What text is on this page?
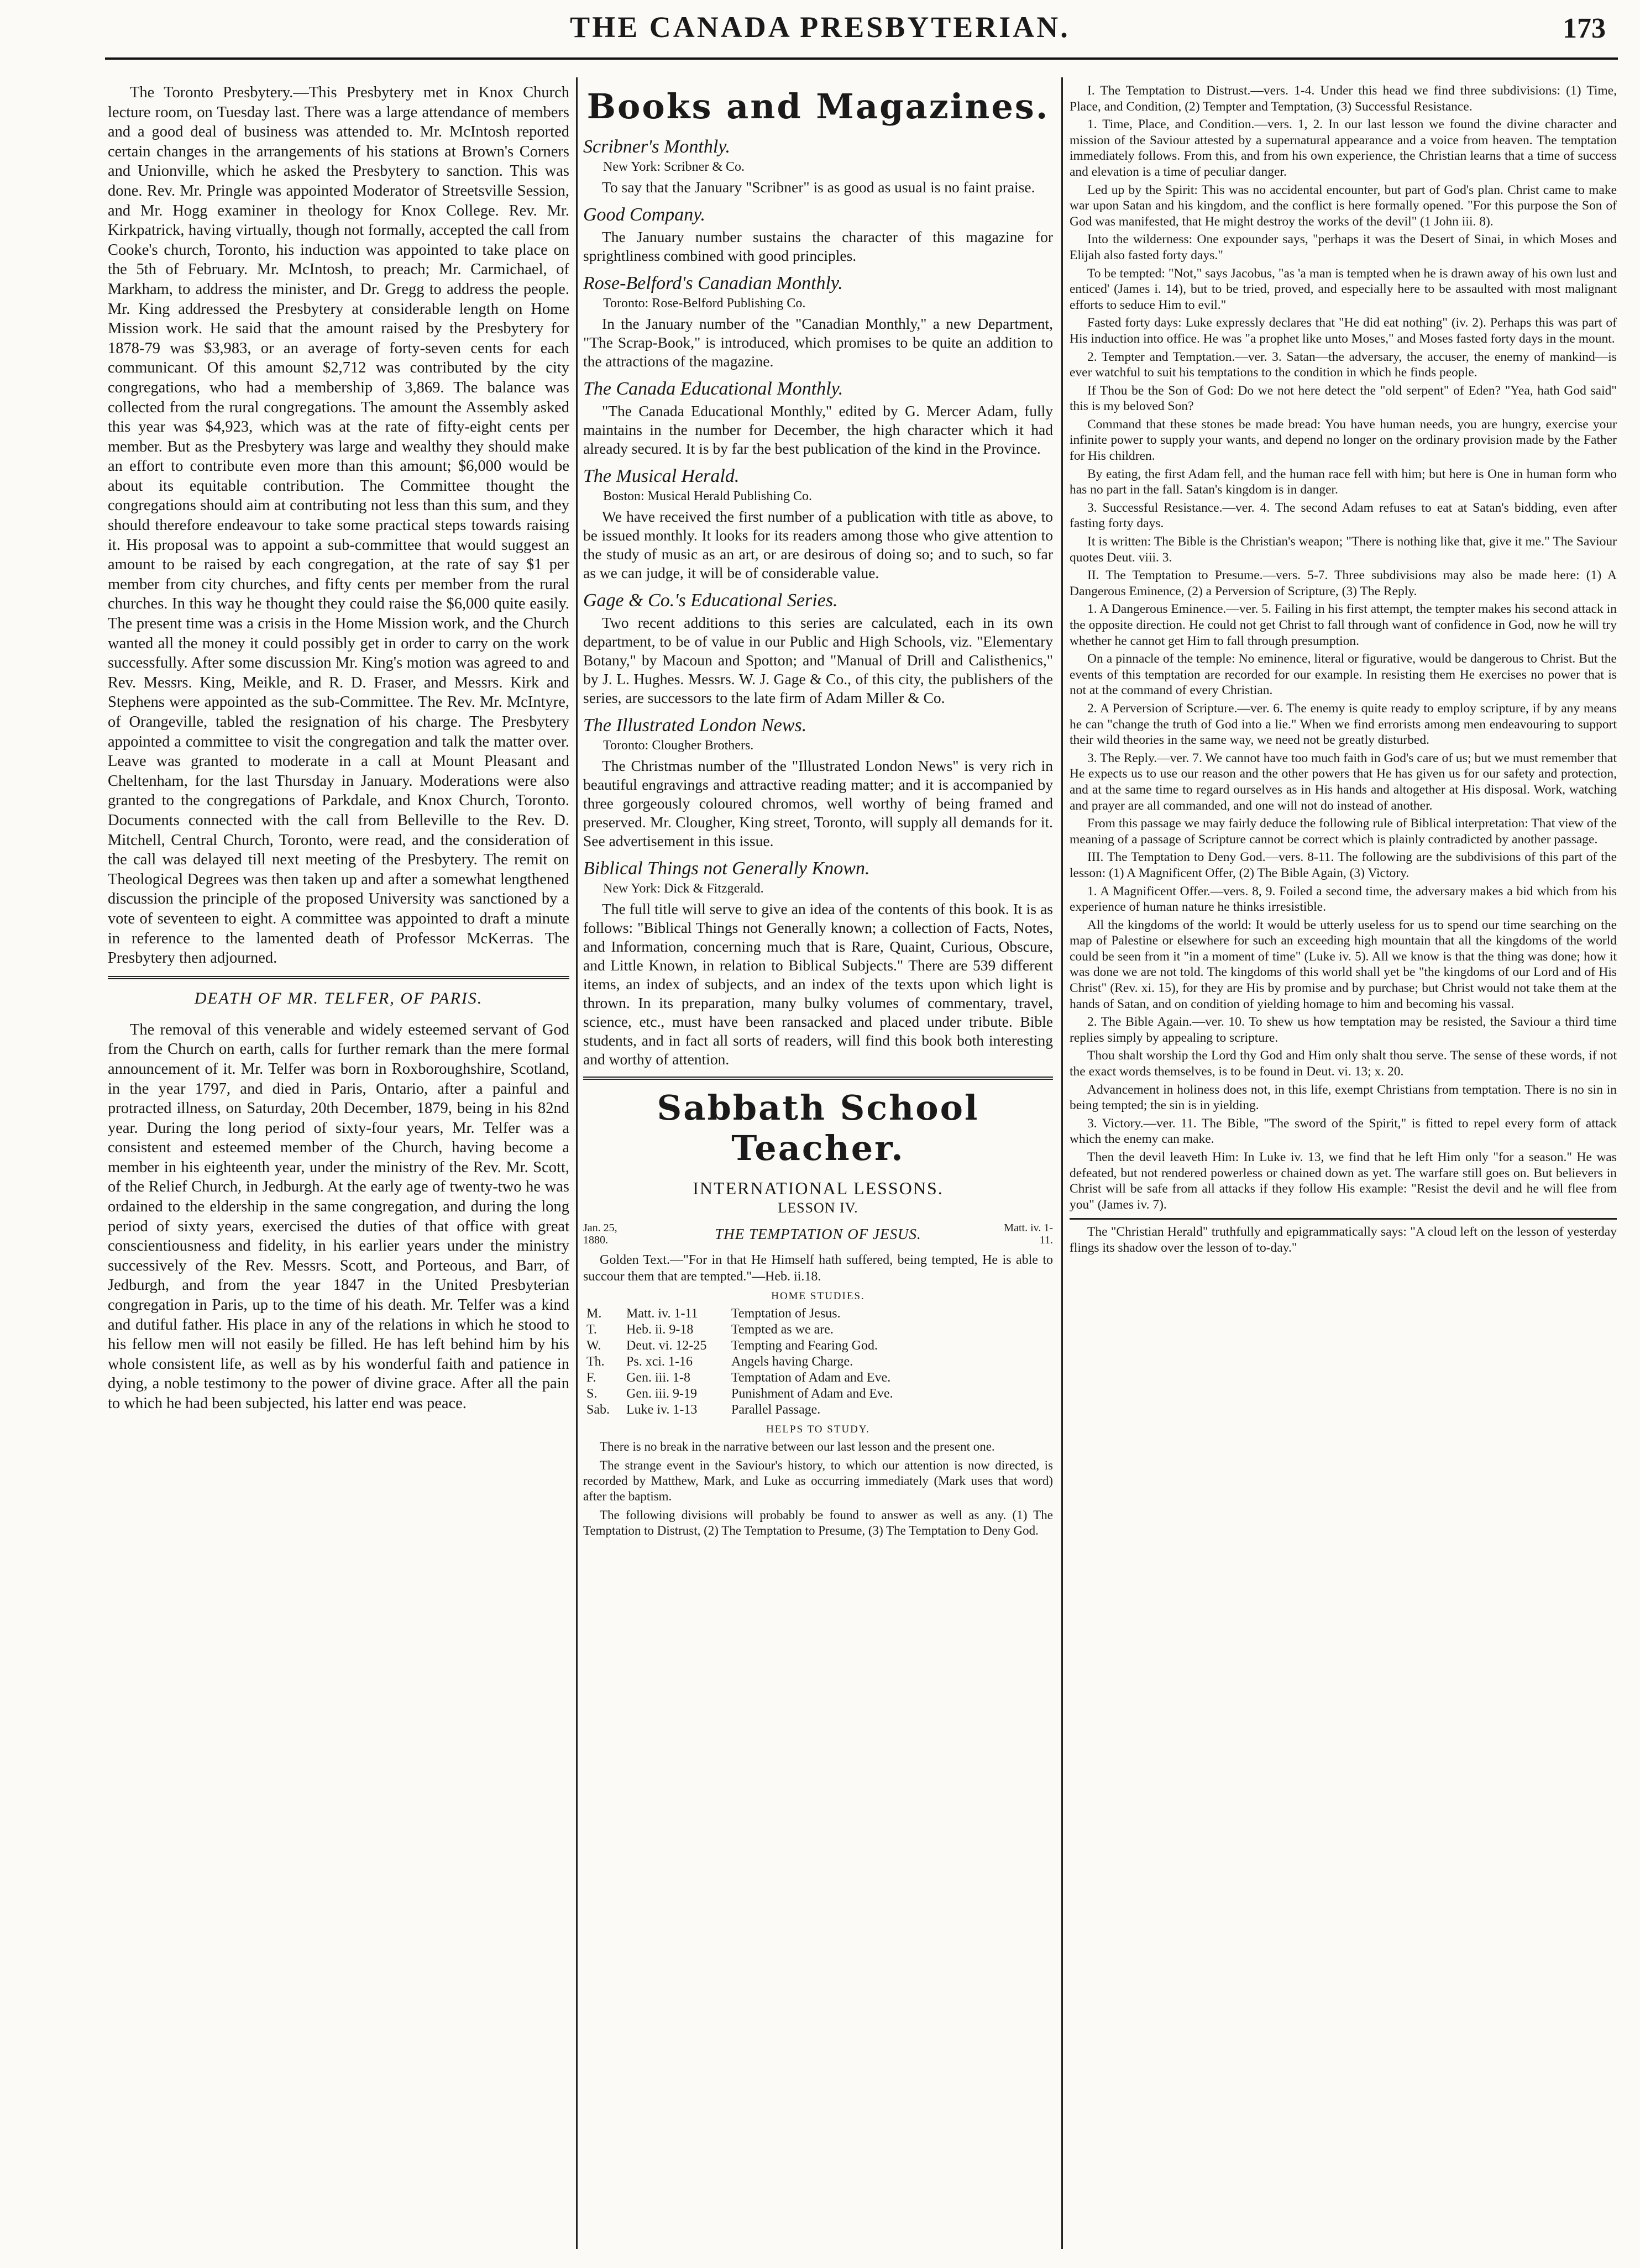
THE CANADA PRESBYTERIAN.	173

The Toronto Presbytery.—This Presbytery met in Knox Church lecture room, on Tuesday last. There was a large attendance of members and a good deal of business was attended to. Mr. McIntosh reported certain changes in the arrangements of his stations at Brown's Corners and Unionville, which he asked the Presbytery to sanction. This was done. Rev. Mr. Pringle was appointed Moderator of Streetsville Session, and Mr. Hogg examiner in theology for Knox College. Rev. Mr. Kirkpatrick, having virtually, though not formally, accepted the call from Cooke's church, Toronto, his induction was appointed to take place on the 5th of February. Mr. McIntosh, to preach; Mr. Carmichael, of Markham, to address the minister, and Dr. Gregg to address the people. Mr. King addressed the Presbytery at considerable length on Home Mission work. He said that the amount raised by the Presbytery for 1878-79 was $3,983, or an average of forty-seven cents for each communicant. Of this amount $2,712 was contributed by the city congregations, who had a membership of 3,869. The balance was collected from the rural congregations. The amount the Assembly asked this year was $4,923, which was at the rate of fifty-eight cents per member. But as the Presbytery was large and wealthy they should make an effort to contribute even more than this amount; $6,000 would be about its equitable contribution. The Committee thought the congregations should aim at contributing not less than this sum, and they should therefore endeavour to take some practical steps towards raising it. His proposal was to appoint a sub-committee that would suggest an amount to be raised by each congregation, at the rate of say $1 per member from city churches, and fifty cents per member from the rural churches. In this way he thought they could raise the $6,000 quite easily. The present time was a crisis in the Home Mission work, and the Church wanted all the money it could possibly get in order to carry on the work successfully. After some discussion Mr. King's motion was agreed to and Rev. Messrs. King, Meikle, and R. D. Fraser, and Messrs. Kirk and Stephens were appointed as the sub-Committee. The Rev. Mr. McIntyre, of Orangeville, tabled the resignation of his charge. The Presbytery appointed a committee to visit the congregation and talk the matter over. Leave was granted to moderate in a call at Mount Pleasant and Cheltenham, for the last Thursday in January. Moderations were also granted to the congregations of Parkdale, and Knox Church, Toronto. Documents connected with the call from Belleville to the Rev. D. Mitchell, Central Church, Toronto, were read, and the consideration of the call was delayed till next meeting of the Presbytery. The remit on Theological Degrees was then taken up and after a somewhat lengthened discussion the principle of the proposed University was sanctioned by a vote of seventeen to eight. A committee was appointed to draft a minute in reference to the lamented death of Professor McKerras. The Presbytery then adjourned.

DEATH OF MR. TELFER, OF PARIS.

The removal of this venerable and widely esteemed servant of God from the Church on earth, calls for further remark than the mere formal announcement of it. Mr. Telfer was born in Roxboroughshire, Scotland, in the year 1797, and died in Paris, Ontario, after a painful and protracted illness, on Saturday, 20th December, 1879, being in his 82nd year. During the long period of sixty-four years, Mr. Telfer was a consistent and esteemed member of the Church, having become a member in his eighteenth year, under the ministry of the Rev. Mr. Scott, of the Relief Church, in Jedburgh. At the early age of twenty-two he was ordained to the eldership in the same congregation, and during the long period of sixty years, exercised the duties of that office with great conscientiousness and fidelity, in his earlier years under the ministry successively of the Rev. Messrs. Scott, and Porteous, and Barr, of Jedburgh, and from the year 1847 in the United Presbyterian congregation in Paris, up to the time of his death. Mr. Telfer was a kind and dutiful father. His place in any of the relations in which he stood to his fellow men will not easily be filled. He has left behind him by his whole consistent life, as well as by his wonderful faith and patience in dying, a noble testimony to the power of divine grace. After all the pain to which he had been subjected, his latter end was peace.

Books and Magazines.
Scribner's Monthly.
New York: Scribner & Co.

To say that the January "Scribner" is as good as usual is no faint praise.

Good Company.

The January number sustains the character of this magazine for sprightliness combined with good principles.

Rose-Belford's Canadian Monthly.
Toronto: Rose-Belford Publishing Co.

In the January number of the "Canadian Monthly," a new Department, "The Scrap-Book," is introduced, which promises to be quite an addition to the attractions of the magazine.

The Canada Educational Monthly.

"The Canada Educational Monthly," edited by G. Mercer Adam, fully maintains in the number for December, the high character which it had already secured. It is by far the best publication of the kind in the Province.

The Musical Herald.
Boston: Musical Herald Publishing Co.

We have received the first number of a publication with title as above, to be issued monthly. It looks for its readers among those who give attention to the study of music as an art, or are desirous of doing so; and to such, so far as we can judge, it will be of considerable value.

Gage & Co.'s Educational Series.

Two recent additions to this series are calculated, each in its own department, to be of value in our Public and High Schools, viz. "Elementary Botany," by Macoun and Spotton; and "Manual of Drill and Calisthenics," by J. L. Hughes. Messrs. W. J. Gage & Co., of this city, the publishers of the series, are successors to the late firm of Adam Miller & Co.

The Illustrated London News.
Toronto: Clougher Brothers.

The Christmas number of the "Illustrated London News" is very rich in beautiful engravings and attractive reading matter; and it is accompanied by three gorgeously coloured chromos, well worthy of being framed and preserved. Mr. Clougher, King street, Toronto, will supply all demands for it. See advertisement in this issue.

Biblical Things not Generally Known.
New York: Dick & Fitzgerald.

The full title will serve to give an idea of the contents of this book. It is as follows: "Biblical Things not Generally known; a collection of Facts, Notes, and Information, concerning much that is Rare, Quaint, Curious, Obscure, and Little Known, in relation to Biblical Subjects." There are 539 different items, an index of subjects, and an index of the texts upon which light is thrown. In its preparation, many bulky volumes of commentary, travel, science, etc., must have been ransacked and placed under tribute. Bible students, and in fact all sorts of readers, will find this book both interesting and worthy of attention.

Sabbath School Teacher.
INTERNATIONAL LESSONS.
LESSON IV.
Jan. 25, 1880.	THE TEMPTATION OF JESUS.	Matt. iv. 1-11.

Golden Text.—"For in that He Himself hath suffered, being tempted, He is able to succour them that are tempted."—Heb. ii.18.

HOME STUDIES.
M.	Matt. iv. 1-11	Temptation of Jesus.
T.	Heb. ii. 9-18	Tempted as we are.
W.	Deut. vi. 12-25	Tempting and Fearing God.
Th.	Ps. xci. 1-16	Angels having Charge.
F.	Gen. iii. 1-8	Temptation of Adam and Eve.
S.	Gen. iii. 9-19	Punishment of Adam and Eve.
Sab.	Luke iv. 1-13	Parallel Passage.
HELPS TO STUDY.

There is no break in the narrative between our last lesson and the present one.

The strange event in the Saviour's history, to which our attention is now directed, is recorded by Matthew, Mark, and Luke as occurring immediately (Mark uses that word) after the baptism.

The following divisions will probably be found to answer as well as any. (1) The Temptation to Distrust, (2) The Temptation to Presume, (3) The Temptation to Deny God.

I. The Temptation to Distrust.—vers. 1-4. Under this head we find three subdivisions: (1) Time, Place, and Condition, (2) Tempter and Temptation, (3) Successful Resistance.

1. Time, Place, and Condition.—vers. 1, 2. In our last lesson we found the divine character and mission of the Saviour attested by a supernatural appearance and a voice from heaven. The temptation immediately follows. From this, and from his own experience, the Christian learns that a time of success and elevation is a time of peculiar danger.

Led up by the Spirit: This was no accidental encounter, but part of God's plan. Christ came to make war upon Satan and his kingdom, and the conflict is here formally opened. "For this purpose the Son of God was manifested, that He might destroy the works of the devil" (1 John iii. 8).

Into the wilderness: One expounder says, "perhaps it was the Desert of Sinai, in which Moses and Elijah also fasted forty days."

To be tempted: "Not," says Jacobus, "as 'a man is tempted when he is drawn away of his own lust and enticed' (James i. 14), but to be tried, proved, and especially here to be assaulted with most malignant efforts to seduce Him to evil."

Fasted forty days: Luke expressly declares that "He did eat nothing" (iv. 2). Perhaps this was part of His induction into office. He was "a prophet like unto Moses," and Moses fasted forty days in the mount.

2. Tempter and Temptation.—ver. 3. Satan—the adversary, the accuser, the enemy of mankind—is ever watchful to suit his temptations to the condition in which he finds people.

If Thou be the Son of God: Do we not here detect the "old serpent" of Eden? "Yea, hath God said" this is my beloved Son?

Command that these stones be made bread: You have human needs, you are hungry, exercise your infinite power to supply your wants, and depend no longer on the ordinary provision made by the Father for His children.

By eating, the first Adam fell, and the human race fell with him; but here is One in human form who has no part in the fall. Satan's kingdom is in danger.

3. Successful Resistance.—ver. 4. The second Adam refuses to eat at Satan's bidding, even after fasting forty days.

It is written: The Bible is the Christian's weapon; "There is nothing like that, give it me." The Saviour quotes Deut. viii. 3.

II. The Temptation to Presume.—vers. 5-7. Three subdivisions may also be made here: (1) A Dangerous Eminence, (2) a Perversion of Scripture, (3) The Reply.

1. A Dangerous Eminence.—ver. 5. Failing in his first attempt, the tempter makes his second attack in the opposite direction. He could not get Christ to fall through want of confidence in God, now he will try whether he cannot get Him to fall through presumption.

On a pinnacle of the temple: No eminence, literal or figurative, would be dangerous to Christ. But the events of this temptation are recorded for our example. In resisting them He exercises no power that is not at the command of every Christian.

2. A Perversion of Scripture.—ver. 6. The enemy is quite ready to employ scripture, if by any means he can "change the truth of God into a lie." When we find errorists among men endeavouring to support their wild theories in the same way, we need not be greatly disturbed.

3. The Reply.—ver. 7. We cannot have too much faith in God's care of us; but we must remember that He expects us to use our reason and the other powers that He has given us for our safety and protection, and at the same time to regard ourselves as in His hands and altogether at His disposal. Work, watching and prayer are all commanded, and one will not do instead of another.

From this passage we may fairly deduce the following rule of Biblical interpretation: That view of the meaning of a passage of Scripture cannot be correct which is plainly contradicted by another passage.

III. The Temptation to Deny God.—vers. 8-11. The following are the subdivisions of this part of the lesson: (1) A Magnificent Offer, (2) The Bible Again, (3) Victory.

1. A Magnificent Offer.—vers. 8, 9. Foiled a second time, the adversary makes a bid which from his experience of human nature he thinks irresistible.

All the kingdoms of the world: It would be utterly useless for us to spend our time searching on the map of Palestine or elsewhere for such an exceeding high mountain that all the kingdoms of the world could be seen from it "in a moment of time" (Luke iv. 5). All we know is that the thing was done; how it was done we are not told. The kingdoms of this world shall yet be "the kingdoms of our Lord and of His Christ" (Rev. xi. 15), for they are His by promise and by purchase; but Christ would not take them at the hands of Satan, and on condition of yielding homage to him and becoming his vassal.

2. The Bible Again.—ver. 10. To shew us how temptation may be resisted, the Saviour a third time replies simply by appealing to scripture.

Thou shalt worship the Lord thy God and Him only shalt thou serve. The sense of these words, if not the exact words themselves, is to be found in Deut. vi. 13; x. 20.

Advancement in holiness does not, in this life, exempt Christians from temptation. There is no sin in being tempted; the sin is in yielding.

3. Victory.—ver. 11. The Bible, "The sword of the Spirit," is fitted to repel every form of attack which the enemy can make.

Then the devil leaveth Him: In Luke iv. 13, we find that he left Him only "for a season." He was defeated, but not rendered powerless or chained down as yet. The warfare still goes on. But believers in Christ will be safe from all attacks if they follow His example: "Resist the devil and he will flee from you" (James iv. 7).

The "Christian Herald" truthfully and epigrammatically says: "A cloud left on the lesson of yesterday flings its shadow over the lesson of to-day."
